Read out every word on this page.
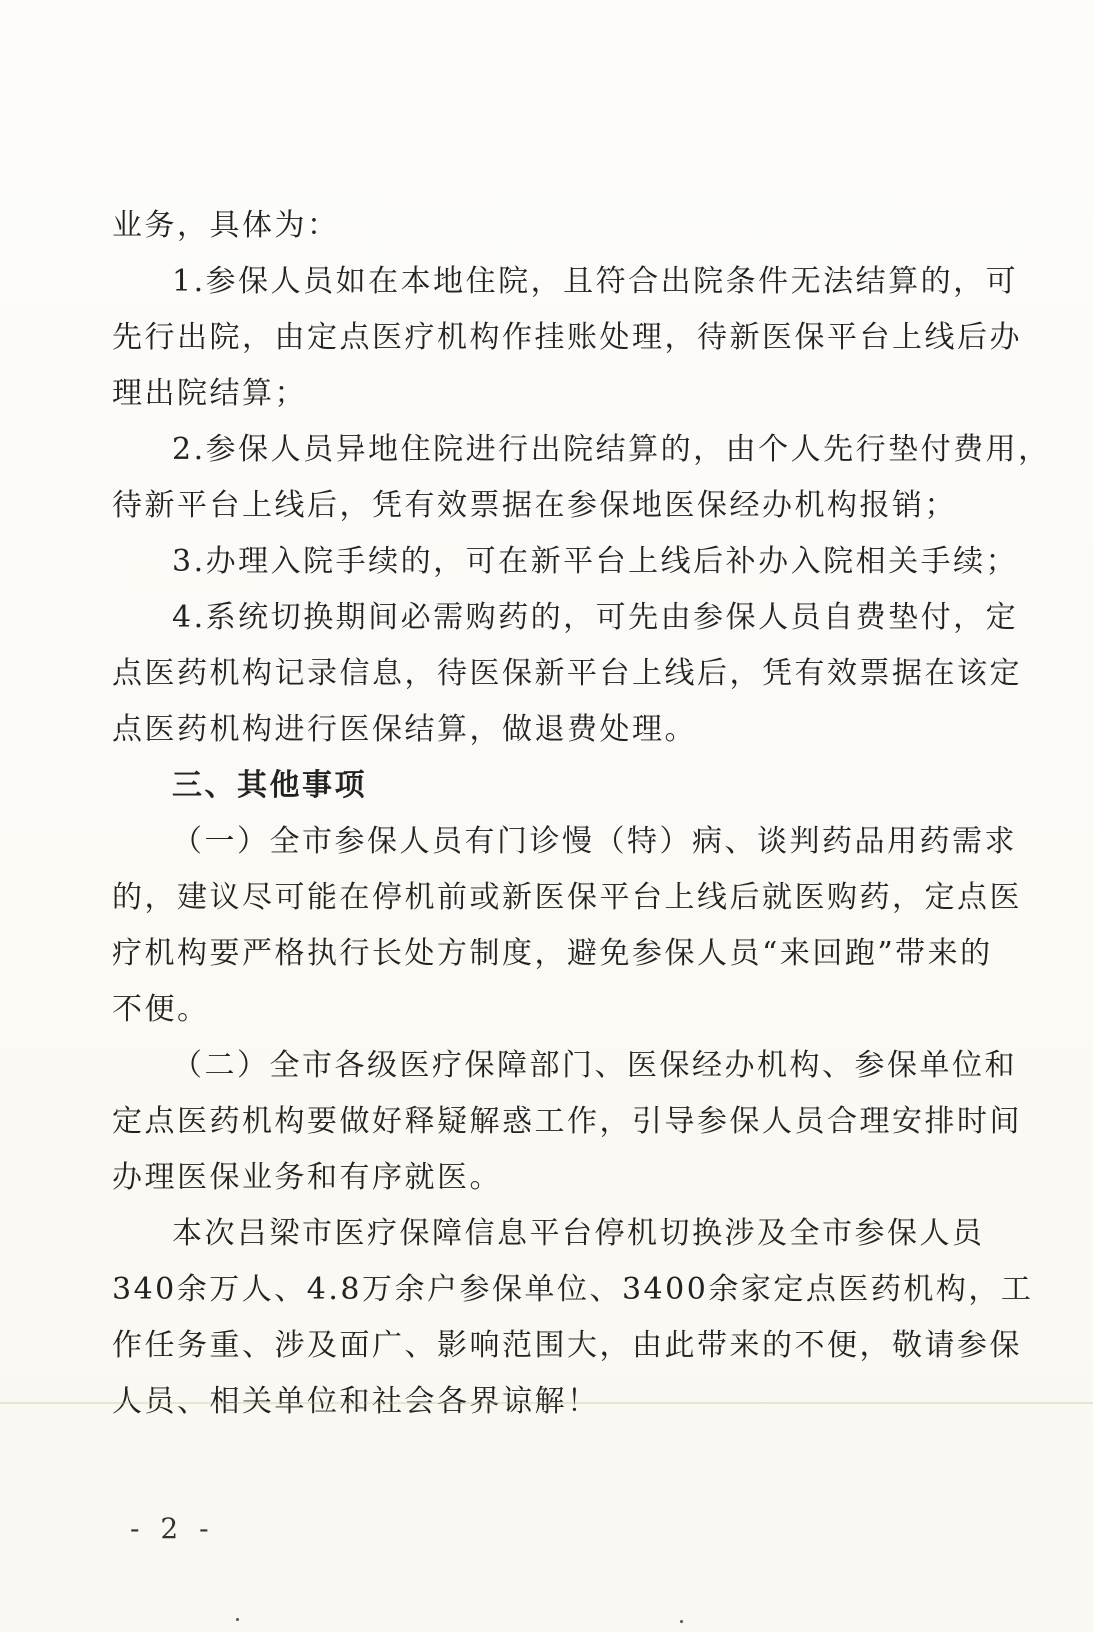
业务，具体为：
1.参保人员如在本地住院，且符合出院条件无法结算的，可
先行出院，由定点医疗机构作挂账处理，待新医保平台上线后办
理出院结算；
2.参保人员异地住院进行出院结算的，由个人先行垫付费用，
待新平台上线后，凭有效票据在参保地医保经办机构报销；
3.办理入院手续的，可在新平台上线后补办入院相关手续；
4.系统切换期间必需购药的，可先由参保人员自费垫付，定
点医药机构记录信息，待医保新平台上线后，凭有效票据在该定
点医药机构进行医保结算，做退费处理。
三、其他事项
（一）全市参保人员有门诊慢（特）病、谈判药品用药需求
的，建议尽可能在停机前或新医保平台上线后就医购药，定点医
疗机构要严格执行长处方制度，避免参保人员“来回跑”带来的
不便。
（二）全市各级医疗保障部门、医保经办机构、参保单位和
定点医药机构要做好释疑解惑工作，引导参保人员合理安排时间
办理医保业务和有序就医。
本次吕梁市医疗保障信息平台停机切换涉及全市参保人员
340余万人、4.8万余户参保单位、3400余家定点医药机构，工
作任务重、涉及面广、影响范围大，由此带来的不便，敬请参保
人员、相关单位和社会各界谅解！
- 2 -
